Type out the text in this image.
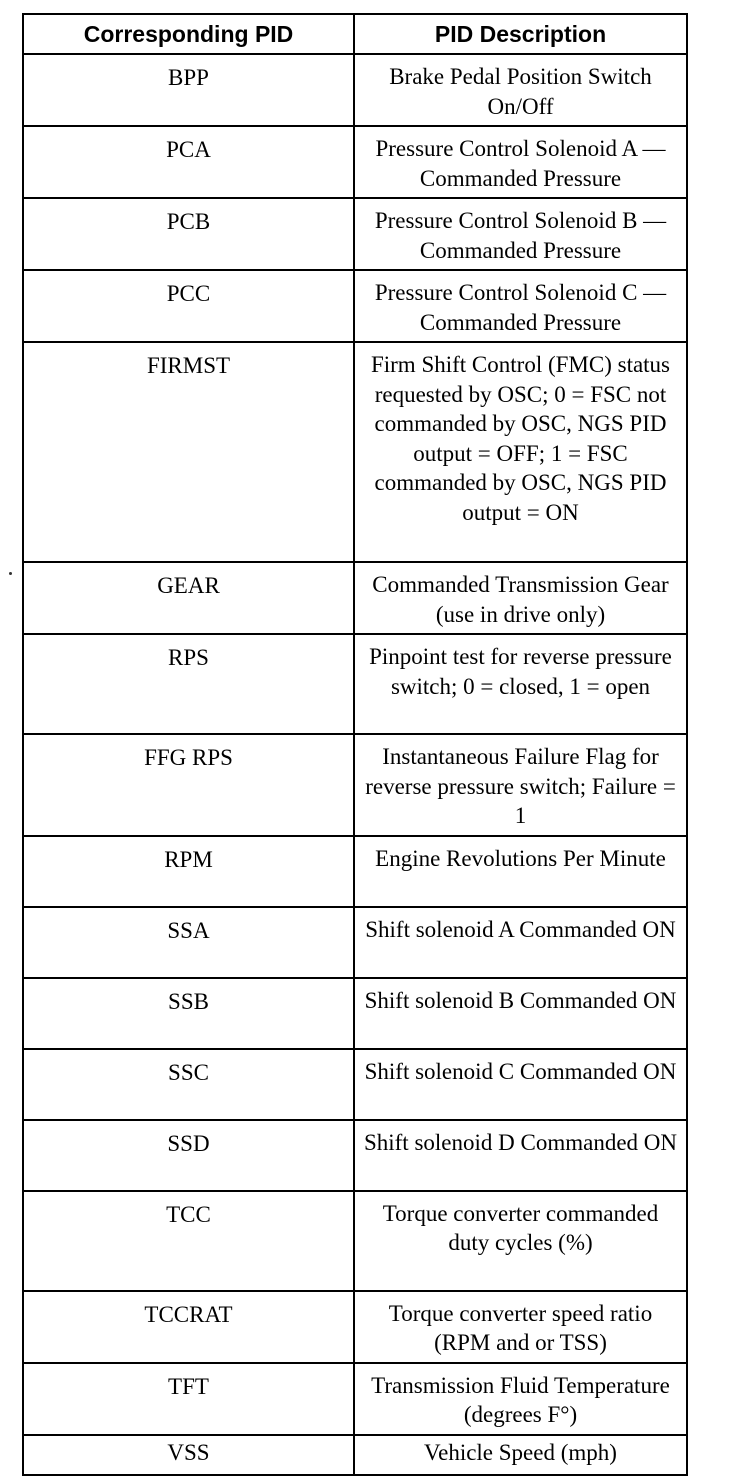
Corresponding PID	PID Description
BPP	Brake Pedal Position Switch On/Off
PCA	Pressure Control Solenoid A — Commanded Pressure
PCB	Pressure Control Solenoid B — Commanded Pressure
PCC	Pressure Control Solenoid C — Commanded Pressure
FIRMST	Firm Shift Control (FMC) status requested by OSC; 0 = FSC not commanded by OSC, NGS PID output = OFF; 1 = FSC commanded by OSC, NGS PID output = ON
GEAR	Commanded Transmission Gear (use in drive only)
RPS	Pinpoint test for reverse pressure switch; 0 = closed, 1 = open
FFG RPS	Instantaneous Failure Flag for reverse pressure switch; Failure = 1
RPM	Engine Revolutions Per Minute
SSA	Shift solenoid A Commanded ON
SSB	Shift solenoid B Commanded ON
SSC	Shift solenoid C Commanded ON
SSD	Shift solenoid D Commanded ON
TCC	Torque converter commanded duty cycles (%)
TCCRAT	Torque converter speed ratio (RPM and or TSS)
TFT	Transmission Fluid Temperature (degrees F°)
VSS	Vehicle Speed (mph)
